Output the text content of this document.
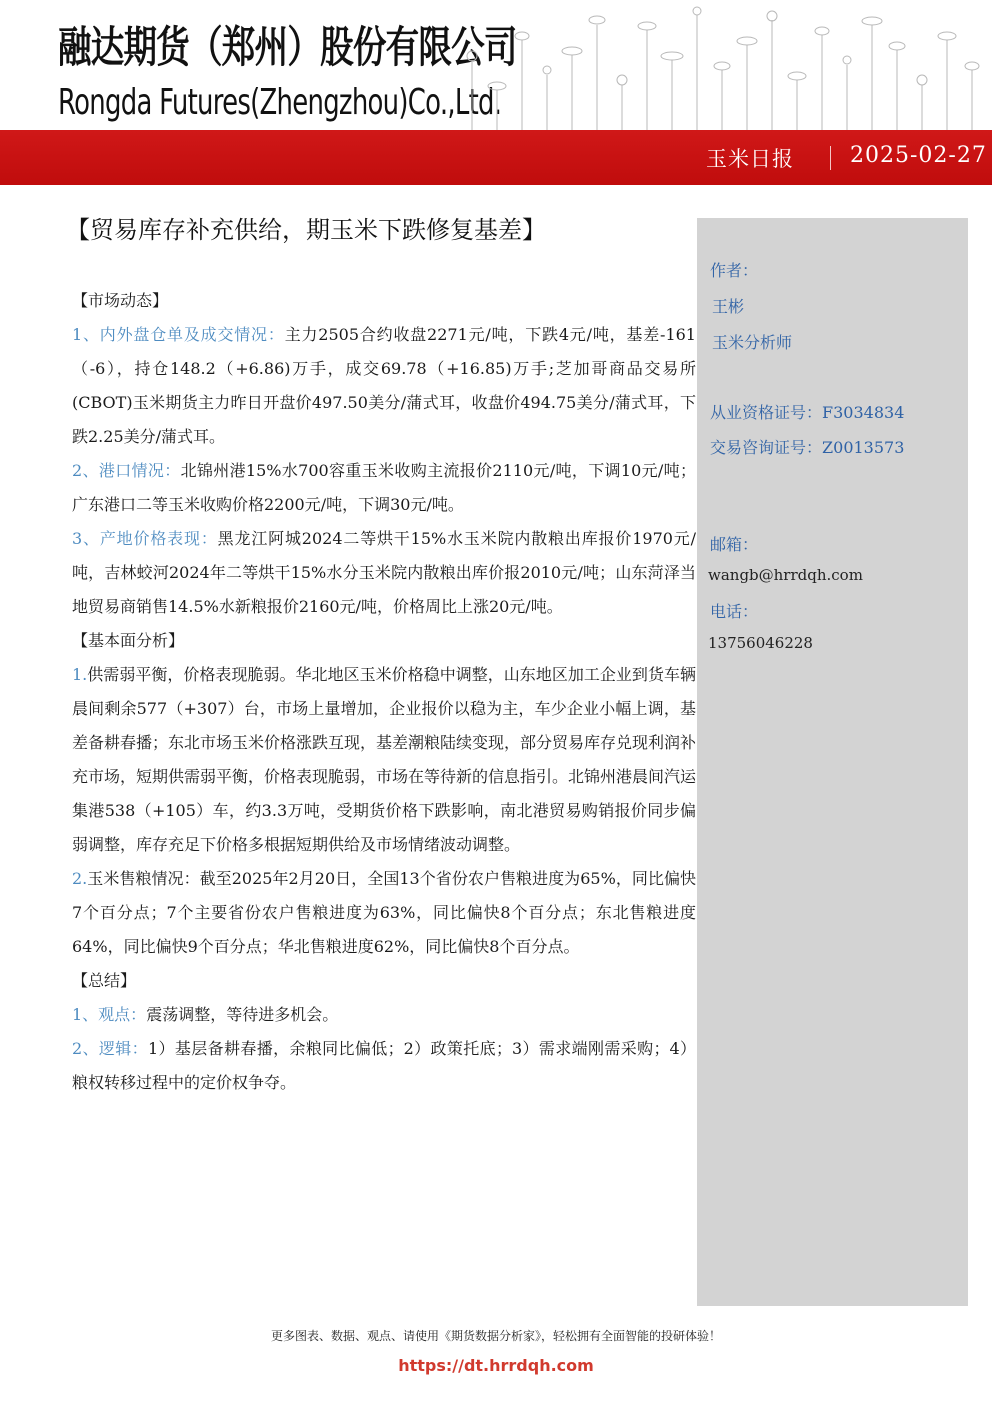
融达期货（郑州）股份有限公司
Rongda Futures(Zhengzhou)Co.,Ltd.
玉米日报	2025-02-27
【贸易库存补充供给，期玉米下跌修复基差】

【市场动态】

1、内外盘仓单及成交情况：主力2505合约收盘2271元/吨，下跌4元/吨，基差-161（-6），持仓148.2（+6.86)万手，成交69.78（+16.85)万手;芝加哥商品交易所(CBOT)玉米期货主力昨日开盘价497.50美分/蒲式耳，收盘价494.75美分/蒲式耳，下跌2.25美分/蒲式耳。

2、港口情况：北锦州港15%水700容重玉米收购主流报价2110元/吨，下调10元/吨；广东港口二等玉米收购价格2200元/吨，下调30元/吨。

3、产地价格表现：黑龙江阿城2024二等烘干15%水玉米院内散粮出库报价1970元/吨，吉林蛟河2024年二等烘干15%水分玉米院内散粮出库价报2010元/吨；山东菏泽当地贸易商销售14.5%水新粮报价2160元/吨，价格周比上涨20元/吨。

【基本面分析】

1.供需弱平衡，价格表现脆弱。华北地区玉米价格稳中调整，山东地区加工企业到货车辆晨间剩余577（+307）台，市场上量增加，企业报价以稳为主，车少企业小幅上调，基差备耕春播；东北市场玉米价格涨跌互现，基差潮粮陆续变现，部分贸易库存兑现利润补充市场，短期供需弱平衡，价格表现脆弱，市场在等待新的信息指引。北锦州港晨间汽运集港538（+105）车，约3.3万吨，受期货价格下跌影响，南北港贸易购销报价同步偏弱调整，库存充足下价格多根据短期供给及市场情绪波动调整。

2.玉米售粮情况：截至2025年2月20日，全国13个省份农户售粮进度为65%，同比偏快7个百分点；7个主要省份农户售粮进度为63%，同比偏快8个百分点；东北售粮进度64%，同比偏快9个百分点；华北售粮进度62%，同比偏快8个百分点。

【总结】

1、观点：震荡调整，等待进多机会。

2、逻辑：1）基层备耕春播，余粮同比偏低；2）政策托底；3）需求端刚需采购；4）粮权转移过程中的定价权争夺。

作者：
王彬
玉米分析师
从业资格证号：F3034834
交易咨询证号：Z0013573
邮箱：
wangb@hrrdqh.com
电话：
13756046228
更多图表、数据、观点、请使用《期货数据分析家》，轻松拥有全面智能的投研体验！
https://dt.hrrdqh.com
